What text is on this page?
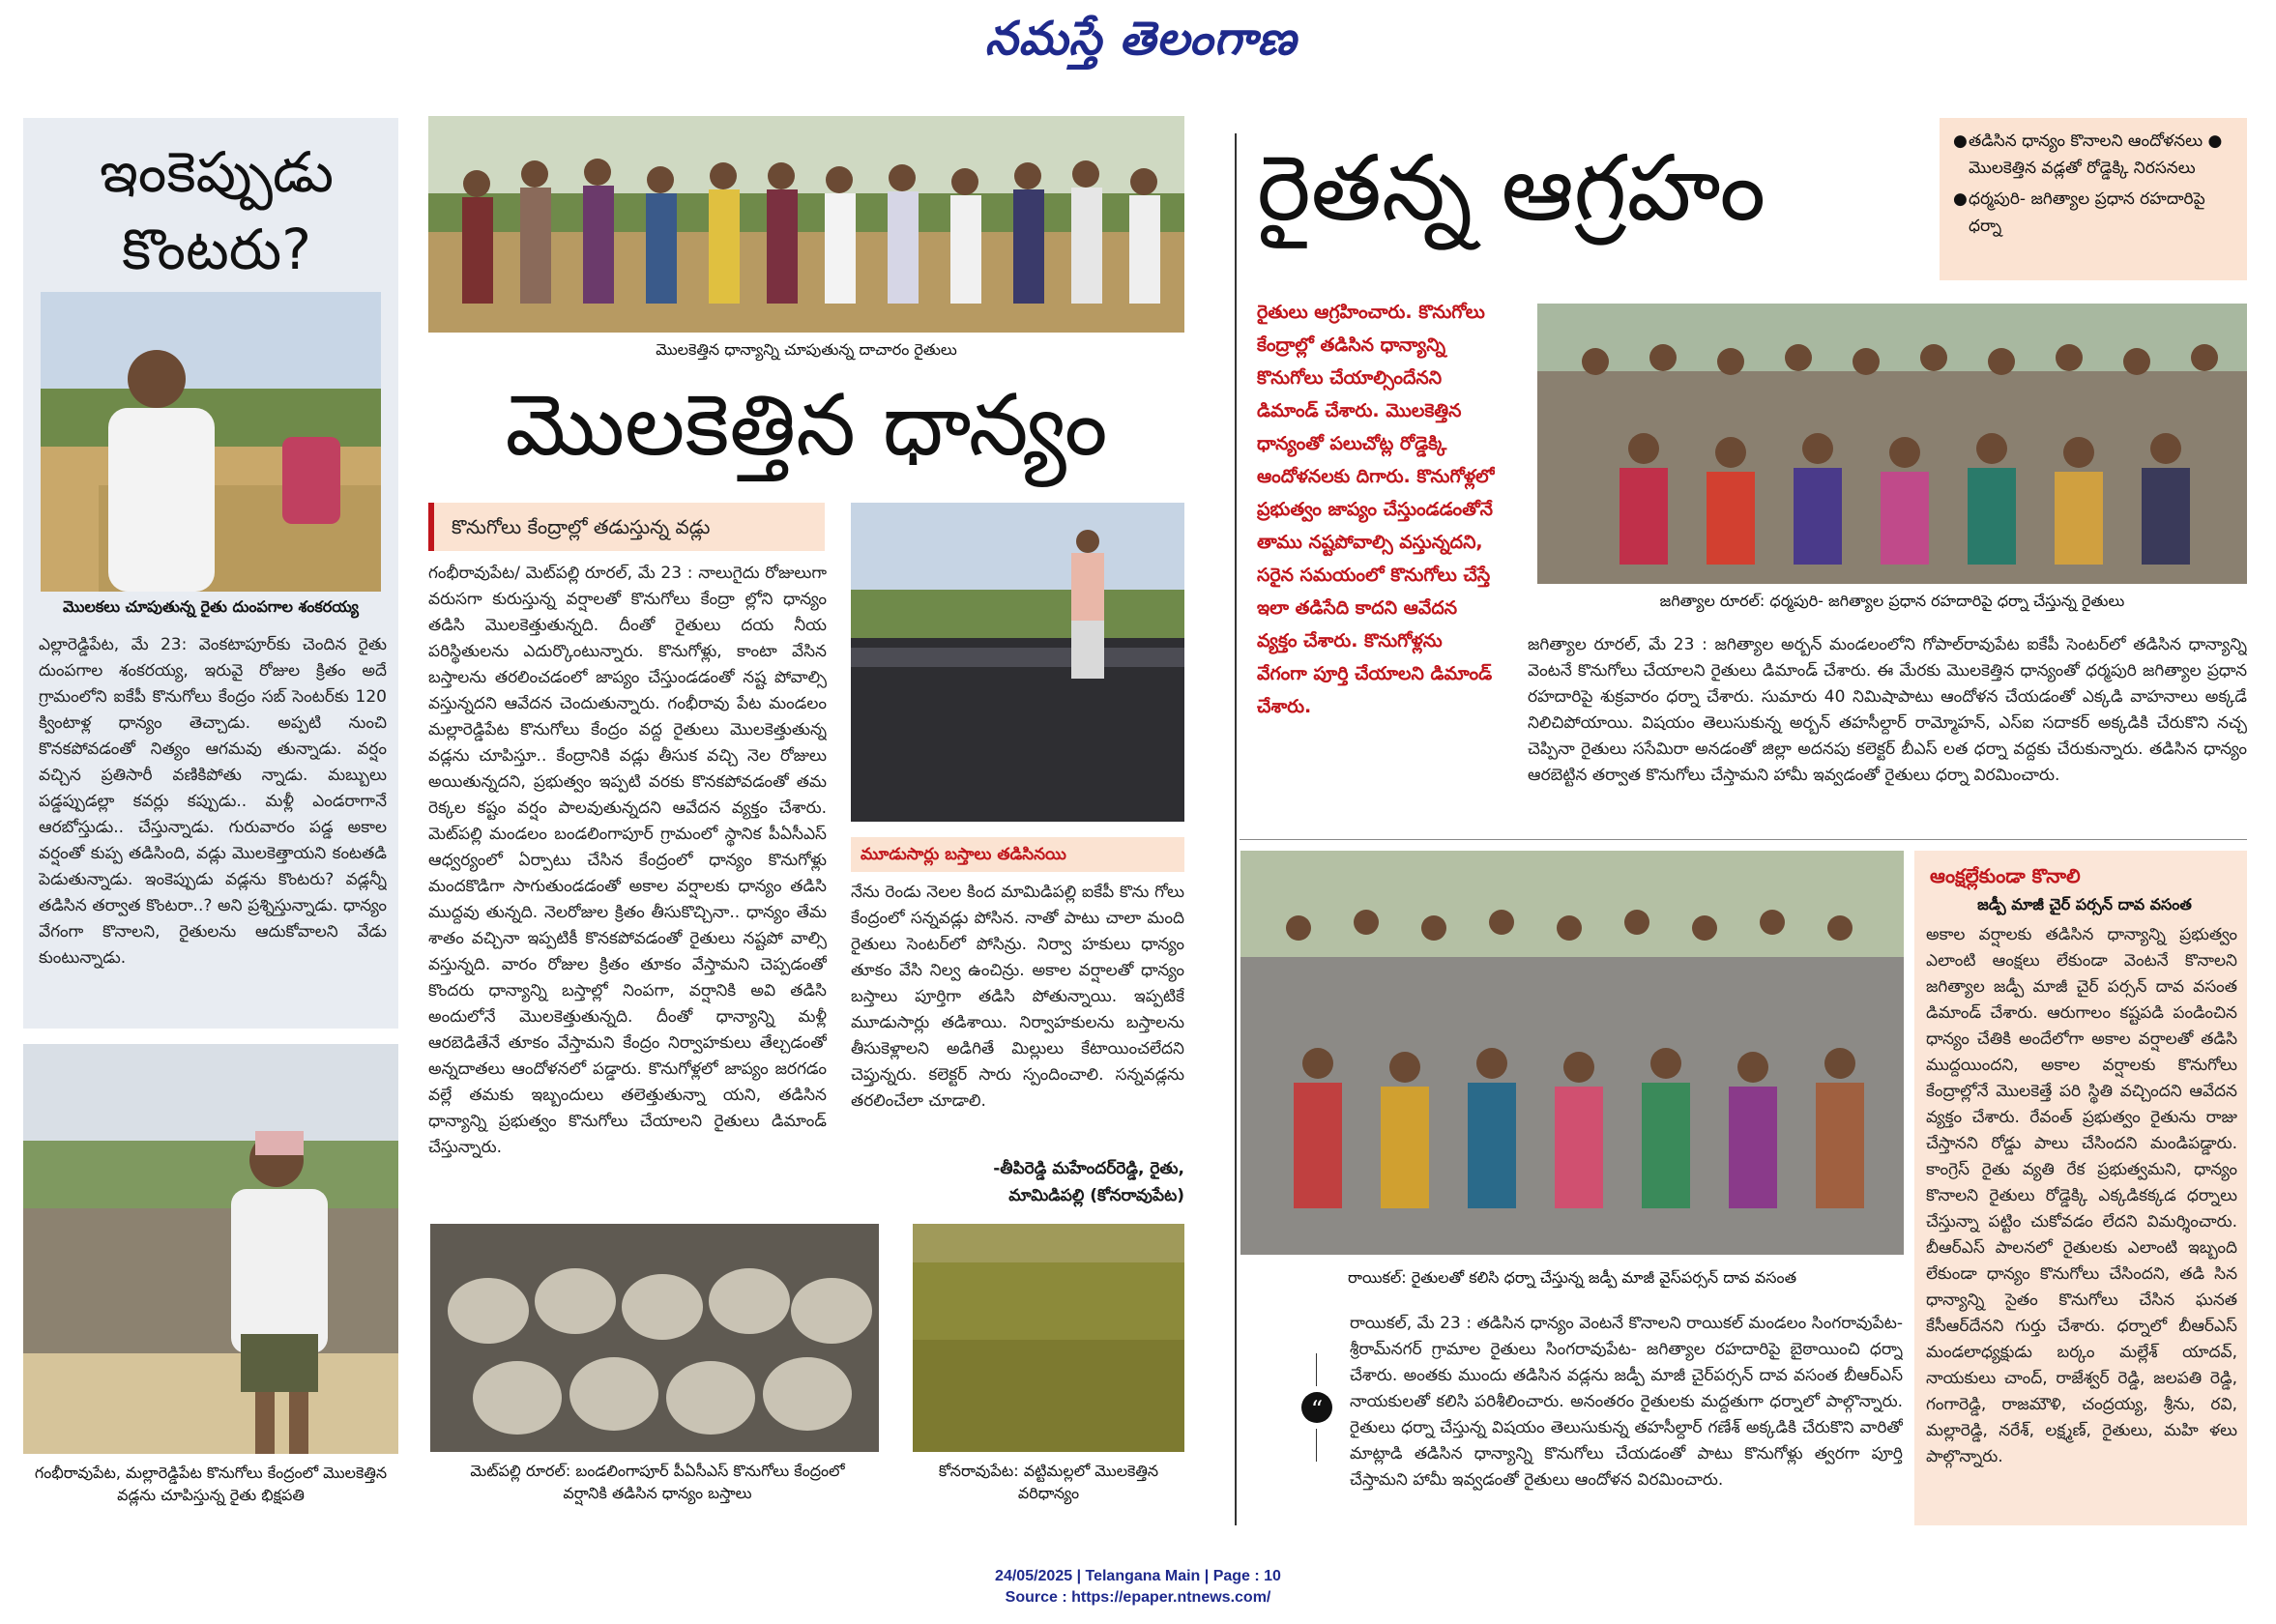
నమస్తే తెలంగాణ
ఇంకెప్పుడు
కొంటరు?
మొలకలు చూపుతున్న రైతు దుంపగాల శంకరయ్య
ఎల్లారెడ్డిపేట, మే 23: వెంకటాపూర్‌కు చెందిన రైతు దుంపగాల శంకరయ్య, ఇరువై రోజుల క్రితం అదే గ్రామంలోని ఐకేపీ కొనుగోలు కేంద్రం సబ్ సెంటర్‌కు 120 క్వింటాళ్ల ధాన్యం తెచ్చాడు. అప్పటి నుంచి కొనకపోవడంతో నిత్యం ఆగమవు తున్నాడు. వర్షం వచ్చిన ప్రతిసారీ వణికిపోతు న్నాడు. మబ్బులు పడ్డప్పుడల్లా కవర్లు కప్పుడు.. మళ్లీ ఎండరాగానే ఆరబోస్తుడు.. చేస్తున్నాడు. గురువారం పడ్డ అకాల వర్షంతో కుప్ప తడిసింది, వడ్లు మొలకెత్తాయని కంటతడి పెడుతున్నాడు. ఇంకెప్పుడు వడ్లను కొంటరు? వడ్లన్నీ తడిసిన తర్వాత కొంటరా..? అని ప్రశ్నిస్తున్నాడు. ధాన్యం వేగంగా కొనాలని, రైతులను ఆదుకోవాలని వేడు కుంటున్నాడు.
గంభీరావుపేట, మల్లారెడ్డిపేట కొనుగోలు కేంద్రంలో మొలకెత్తిన వడ్లను చూపిస్తున్న రైతు భిక్షపతి
మొలకెత్తిన ధాన్యాన్ని చూపుతున్న దాచారం రైతులు
మొలకెత్తిన ధాన్యం
కొనుగోలు కేంద్రాల్లో తడుస్తున్న వడ్లు
గంభీరావుపేట/ మెట్‌పల్లి రూరల్, మే 23 : నాలుగైదు రోజులుగా వరుసగా కురుస్తున్న వర్షాలతో కొనుగోలు కేంద్రా ల్లోని ధాన్యం తడిసి మొలకెత్తుతున్నది. దీంతో రైతులు దయ నీయ పరిస్థితులను ఎదుర్కొంటున్నారు. కొనుగోళ్లు, కాంటా వేసిన బస్తాలను తరలించడంలో జాప్యం చేస్తుండడంతో నష్ట పోవాల్సి వస్తున్నదని ఆవేదన చెందుతున్నారు. గంభీరావు పేట మండలం మల్లారెడ్డిపేట కొనుగోలు కేంద్రం వద్ద రైతులు మొలకెత్తుతున్న వడ్లను చూపిస్తూ.. కేంద్రానికి వడ్లు తీసుక వచ్చి నెల రోజులు అయితున్నదని, ప్రభుత్వం ఇప్పటి వరకు కొనకపోవడంతో తమ రెక్కల కష్టం వర్షం పాలవుతున్నదని ఆవేదన వ్యక్తం చేశారు. మెట్‌పల్లి మండలం బండలింగాపూర్ గ్రామంలో స్థానిక పీఏసీఎస్ ఆధ్వర్యంలో ఏర్పాటు చేసిన కేంద్రంలో ధాన్యం కొనుగోళ్లు మందకొడిగా సాగుతుండడంతో అకాల వర్షాలకు ధాన్యం తడిసి ముద్దవు తున్నది. నెలరోజుల క్రితం తీసుకొచ్చినా.. ధాన్యం తేమ శాతం వచ్చినా ఇప్పటికీ కొనకపోవడంతో రైతులు నష్టపో వాల్సి వస్తున్నది. వారం రోజుల క్రితం తూకం వేస్తామని చెప్పడంతో కొందరు ధాన్యాన్ని బస్తాల్లో నింపగా, వర్షానికి అవి తడిసి అందులోనే మొలకెత్తుతున్నది. దీంతో ధాన్యాన్ని మళ్లీ ఆరబెడితేనే తూకం వేస్తామని కేంద్రం నిర్వాహకులు తేల్చడంతో అన్నదాతలు ఆందోళనలో పడ్డారు. కొనుగోళ్లలో జాప్యం జరగడం వల్లే తమకు ఇబ్బందులు తలెత్తుతున్నా యని, తడిసిన ధాన్యాన్ని ప్రభుత్వం కొనుగోలు చేయాలని రైతులు డిమాండ్ చేస్తున్నారు.
మూడుసార్లు బస్తాలు తడిసినయి
నేను రెండు నెలల కింద మామిడిపల్లి ఐకేపీ కొను గోలు కేంద్రంలో సన్నవడ్లు పోసిన. నాతో పాటు చాలా మంది రైతులు సెంటర్‌లో పోసిన్రు. నిర్వా హకులు ధాన్యం తూకం వేసి నిల్వ ఉంచిన్రు. అకాల వర్షాలతో ధాన్యం బస్తాలు పూర్తిగా తడిసి పోతున్నాయి. ఇప్పటికే మూడుసార్లు తడిశాయి. నిర్వాహకులను బస్తాలను తీసుకెళ్లాలని అడిగితే మిల్లులు కేటాయించలేదని చెప్తున్నరు. కలెక్టర్ సారు స్పందించాలి. సన్నవడ్లను తరలించేలా చూడాలి.
-తీపిరెడ్డి మహేందర్‌రెడ్డి, రైతు,
మామిడిపల్లి (కోనరావుపేట)
మెట్‌పల్లి రూరల్: బండలింగాపూర్ పీఏసీఎస్ కొనుగోలు కేంద్రంలో వర్షానికి తడిసిన ధాన్యం బస్తాలు
కోనరావుపేట: వట్టిమల్లలో మొలకెత్తిన వరిధాన్యం
రైతన్న ఆగ్రహం	● తడిసిన ధాన్యం కొనాలని ఆందోళనలు ● మొలకెత్తిన వడ్లతో రోడ్డెక్కి నిరసనలు
● ధర్మపురి- జగిత్యాల ప్రధాన రహదారిపై ధర్నా
రైతులు ఆగ్రహించారు. కొనుగోలు కేంద్రాల్లో తడిసిన ధాన్యాన్ని కొనుగోలు చేయాల్సిందేనని డిమాండ్ చేశారు. మొలకెత్తిన ధాన్యంతో పలుచోట్ల రోడ్డెక్కి ఆందోళనలకు దిగారు. కొనుగోళ్లలో ప్రభుత్వం జాప్యం చేస్తుండడంతోనే తాము నష్టపోవాల్సి వస్తున్నదని, సరైన సమయంలో కొనుగోలు చేస్తే ఇలా తడిసేది కాదని ఆవేదన వ్యక్తం చేశారు. కొనుగోళ్లను వేగంగా పూర్తి చేయాలని డిమాండ్ చేశారు.
జగిత్యాల రూరల్: ధర్మపురి- జగిత్యాల ప్రధాన రహదారిపై ధర్నా చేస్తున్న రైతులు
జగిత్యాల రూరల్, మే 23 : జగిత్యాల అర్బన్ మండలంలోని గోపాల్‌రావుపేట ఐకేపీ సెంటర్‌లో తడిసిన ధాన్యాన్ని వెంటనే కొనుగోలు చేయాలని రైతులు డిమాండ్ చేశారు. ఈ మేరకు మొలకెత్తిన ధాన్యంతో ధర్మపురి జగిత్యాల ప్రధాన రహదారిపై శుక్రవారం ధర్నా చేశారు. సుమారు 40 నిమిషాపాటు ఆందోళన చేయడంతో ఎక్కడి వాహనాలు అక్కడే నిలిచిపోయాయి. విషయం తెలుసుకున్న అర్బన్ తహసీల్దార్ రామ్మోహన్, ఎస్‌ఐ సదాకర్ అక్కడికి చేరుకొని నచ్చ చెప్పినా రైతులు ససేమిరా అనడంతో జిల్లా అదనపు కలెక్టర్ బీఎస్ లత ధర్నా వద్దకు చేరుకున్నారు. తడిసిన ధాన్యం ఆరబెట్టిన తర్వాత కొనుగోలు చేస్తామని హామీ ఇవ్వడంతో రైతులు ధర్నా విరమించారు.
రాయికల్: రైతులతో కలిసి ధర్నా చేస్తున్న జడ్పీ మాజీ వైస్‌పర్సన్ దావ వసంత
“
రాయికల్, మే 23 : తడిసిన ధాన్యం వెంటనే కొనాలని రాయికల్ మండలం సింగరావుపేట- శ్రీరామ్‌నగర్ గ్రామాల రైతులు సింగరావుపేట- జగిత్యాల రహదారిపై బైఠాయించి ధర్నా చేశారు. అంతకు ముందు తడిసిన వడ్లను జడ్పీ మాజీ చైర్‌పర్సన్ దావ వసంత బీఆర్‌ఎస్ నాయకులతో కలిసి పరిశీలించారు. అనంతరం రైతులకు మద్దతుగా ధర్నాలో పాల్గొన్నారు. రైతులు ధర్నా చేస్తున్న విషయం తెలుసుకున్న తహసీల్దార్ గణేశ్ అక్కడికి చేరుకొని వారితో మాట్లాడి తడిసిన ధాన్యాన్ని కొనుగోలు చేయడంతో పాటు కొనుగోళ్లు త్వరగా పూర్తి చేస్తామని హామీ ఇవ్వడంతో రైతులు ఆందోళన విరమించారు.
ఆంక్షల్లేకుండా కొనాలి
జడ్పీ మాజీ చైర్ పర్సన్ దావ వసంత
అకాల వర్షాలకు తడిసిన ధాన్యాన్ని ప్రభుత్వం ఎలాంటి ఆంక్షలు లేకుండా వెంటనే కొనాలని జగిత్యాల జడ్పీ మాజీ చైర్ పర్సన్ దావ వసంత డిమాండ్ చేశారు. ఆరుగాలం కష్టపడి పండించిన ధాన్యం చేతికి అందేలోగా అకాల వర్షాలతో తడిసి ముద్దయిందని, అకాల వర్షాలకు కొనుగోలు కేంద్రాల్లోనే మొలకెత్తే పరి స్థితి వచ్చిందని ఆవేదన వ్యక్తం చేశారు. రేవంత్ ప్రభుత్వం రైతును రాజు చేస్తానని రోడ్డు పాలు చేసిందని మండిపడ్డారు. కాంగ్రెస్ రైతు వ్యతి రేక ప్రభుత్వమని, ధాన్యం కొనాలని రైతులు రోడ్డెక్కి ఎక్కడికక్కడ ధర్నాలు చేస్తున్నా పట్టిం చుకోవడం లేదని విమర్శించారు. బీఆర్‌ఎస్ పాలనలో రైతులకు ఎలాంటి ఇబ్బంది లేకుండా ధాన్యం కొనుగోలు చేసిందని, తడి సిన ధాన్యాన్ని సైతం కొనుగోలు చేసిన ఘనత కేసీఆర్‌దేనని గుర్తు చేశారు. ధర్నాలో బీఆర్‌ఎస్ మండలాధ్యక్షుడు బర్కం మల్లేశ్ యాదవ్, నాయకులు చాంద్, రాజేశ్వర్ రెడ్డి, జలపతి రెడ్డి, గంగారెడ్డి, రాజమౌళి, చంద్రయ్య, శ్రీను, రవి, మల్లారెడ్డి, నరేశ్, లక్ష్మణ్, రైతులు, మహి ళలు పాల్గొన్నారు.
24/05/2025 | Telangana Main | Page : 10
Source : https://epaper.ntnews.com/
